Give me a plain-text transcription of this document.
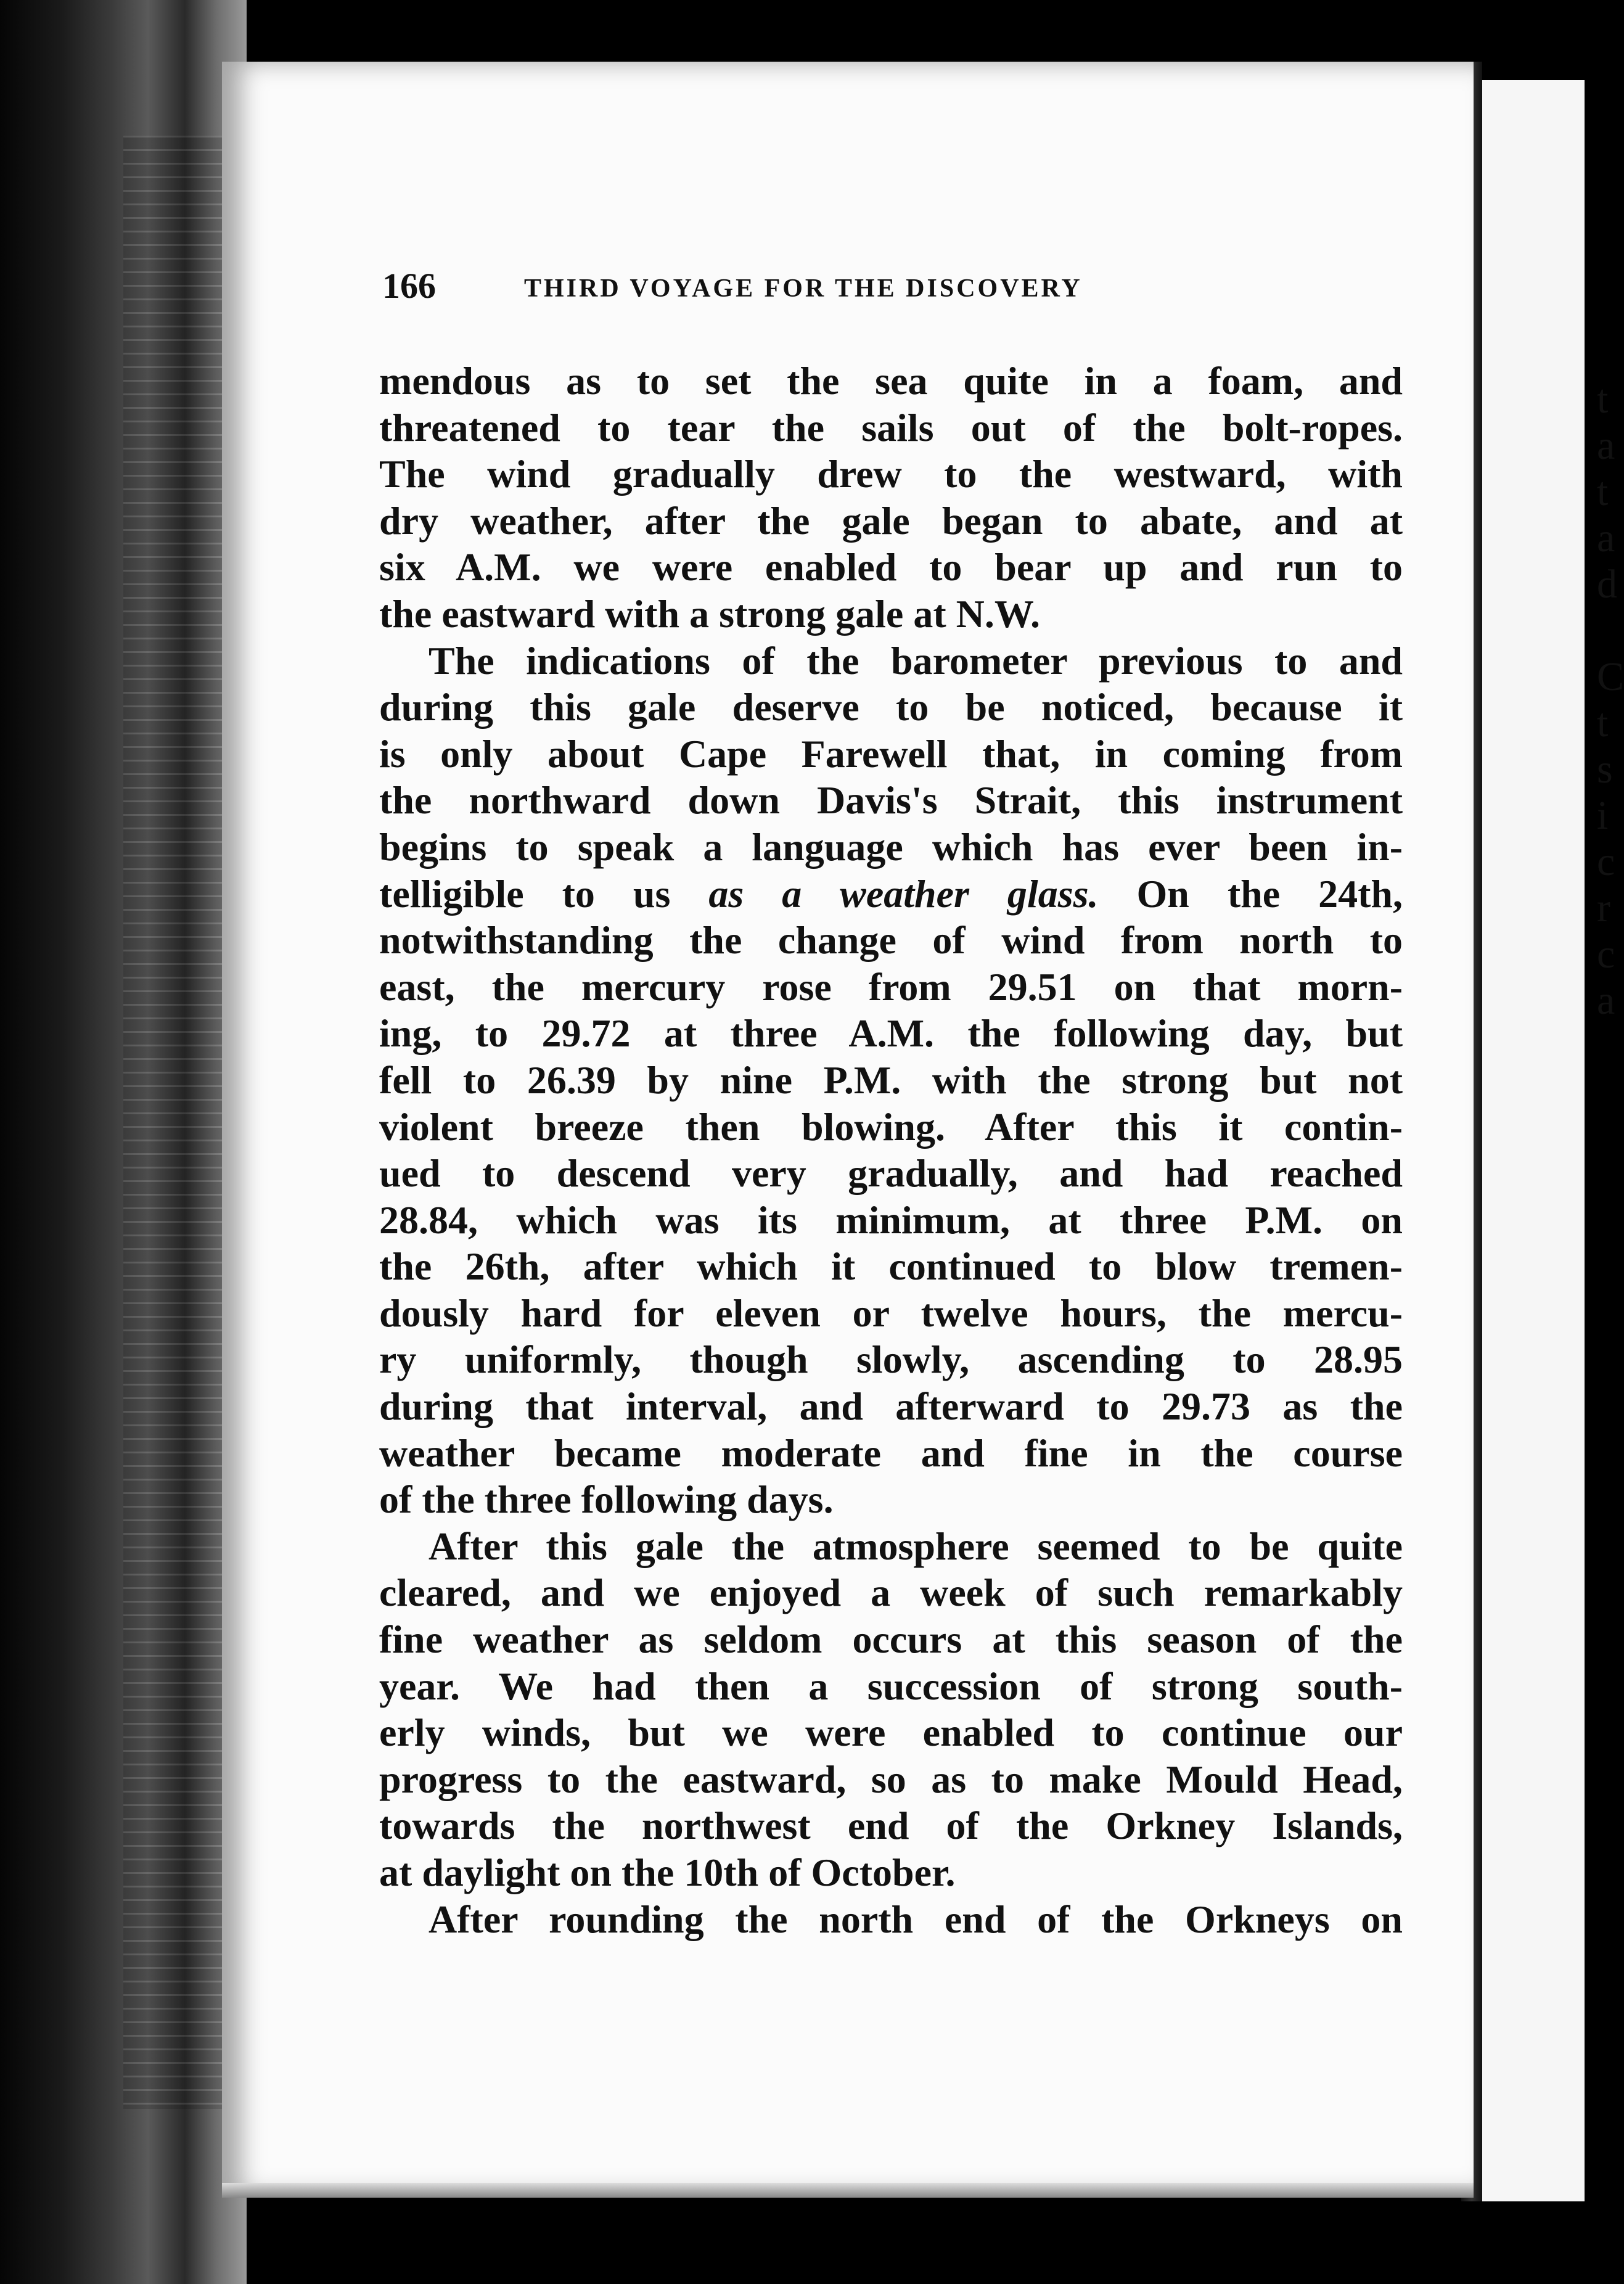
t
a
t
a
d
C
t
s
i
c
r
c
a
166	THIRD VOYAGE FOR THE DISCOVERY
mendous as to set the sea quite in a foam, and
threatened to tear the sails out of the bolt-ropes.
The wind gradually drew to the westward, with
dry weather, after the gale began to abate, and at
six A.M. we were enabled to bear up and run to
the eastward with a strong gale at N.W.
The indications of the barometer previous to and
during this gale deserve to be noticed, because it
is only about Cape Farewell that, in coming from
the northward down Davis's Strait, this instrument
begins to speak a language which has ever been in-
telligible to us as a weather glass. On the 24th,
notwithstanding the change of wind from north to
east, the mercury rose from 29.51 on that morn-
ing, to 29.72 at three A.M. the following day, but
fell to 26.39 by nine P.M. with the strong but not
violent breeze then blowing. After this it contin-
ued to descend very gradually, and had reached
28.84, which was its minimum, at three P.M. on
the 26th, after which it continued to blow tremen-
dously hard for eleven or twelve hours, the mercu-
ry uniformly, though slowly, ascending to 28.95
during that interval, and afterward to 29.73 as the
weather became moderate and fine in the course
of the three following days.
After this gale the atmosphere seemed to be quite
cleared, and we enjoyed a week of such remarkably
fine weather as seldom occurs at this season of the
year. We had then a succession of strong south-
erly winds, but we were enabled to continue our
progress to the eastward, so as to make Mould Head,
towards the northwest end of the Orkney Islands,
at daylight on the 10th of October.
After rounding the north end of the Orkneys on
